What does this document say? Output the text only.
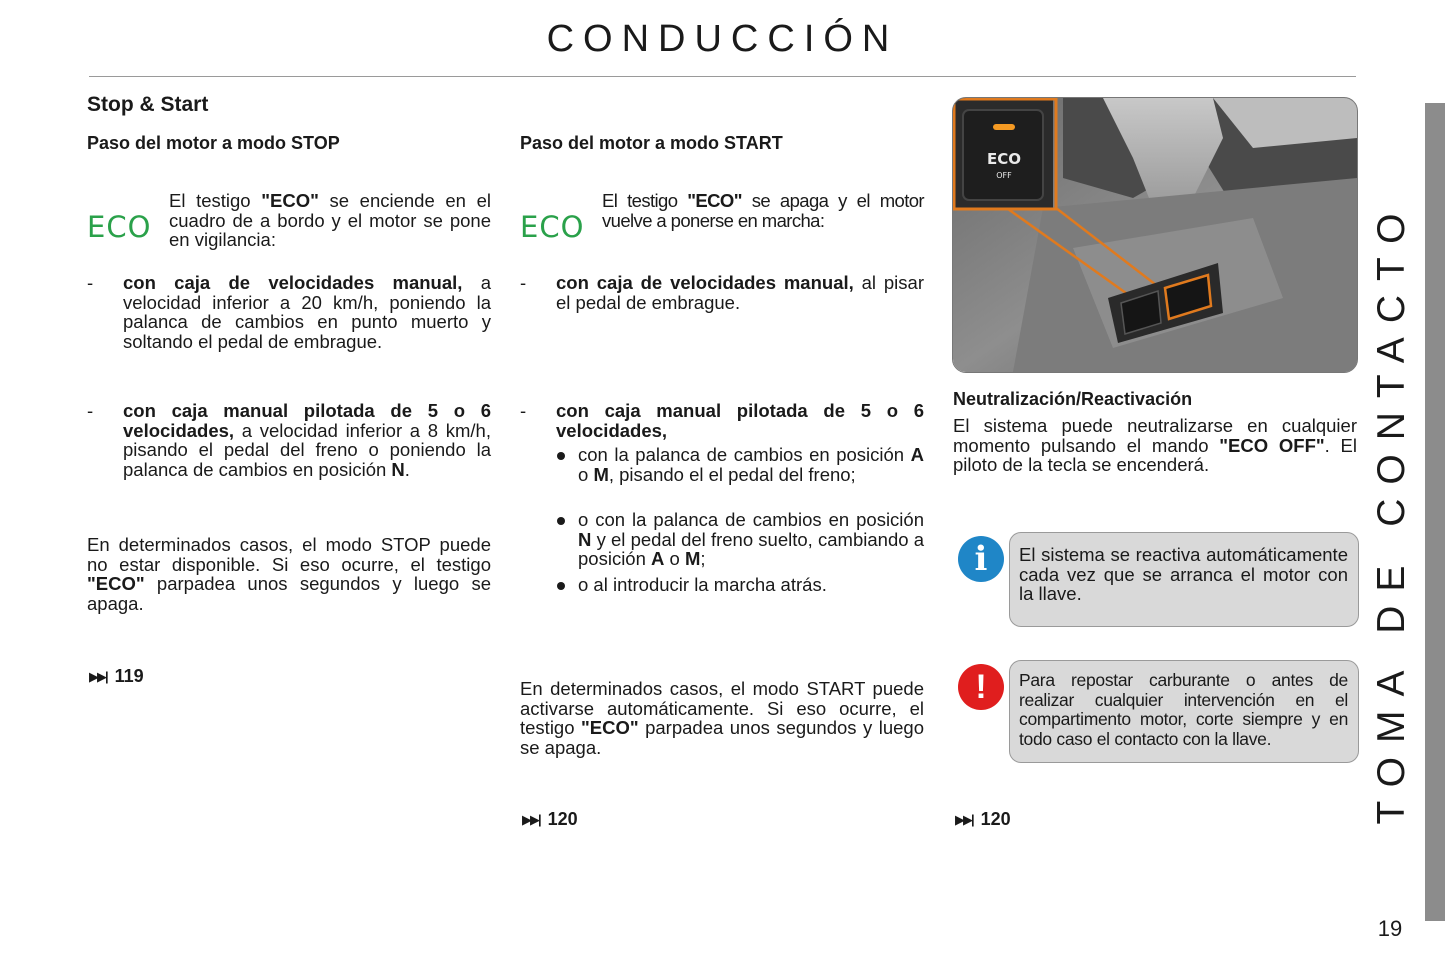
CONDUCCIÓN
TOMA DE CONTACTO
19
Stop & Start
Paso del motor a modo STOP
ECO

El testigo "ECO" se enciende en el cuadro de a bordo y el motor se pone en vigilancia:

- con caja de velocidades manual, a velocidad inferior a 20 km/h, poniendo la palanca de cambios en punto muerto y soltando el pedal de embrague.

- con caja manual pilotada de 5 o 6 velocidades, a velocidad inferior a 8 km/h, pisando el pedal del freno o poniendo la palanca de cambios en posición N.

En determinados casos, el modo STOP puede no estar disponible. Si eso ocurre, el testigo "ECO" parpadea unos segundos y luego se apaga.

▶▶| 119
Paso del motor a modo START
ECO

El testigo "ECO" se apaga y el motor vuelve a ponerse en marcha:

- con caja de velocidades manual, al pisar el pedal de embrague.

- con caja manual pilotada de 5 o 6 velocidades,

con la palanca de cambios en posición A o M, pisando el el pedal del freno;

o con la palanca de cambios en posición N y el pedal del freno suelto, cambiando a posición A o M;

o al introducir la marcha atrás.

En determinados casos, el modo START puede activarse automáticamente. Si eso ocurre, el testigo "ECO" parpadea unos segundos y luego se apaga.

▶▶| 120
ECO
OFF
Neutralización/Reactivación

El sistema puede neutralizarse en cualquier momento pulsando el mando "ECO OFF". El piloto de la tecla se encenderá.

El sistema se reactiva automáticamente cada vez que se arranca el motor con la llave.

i

Para repostar carburante o antes de realizar cualquier intervención en el compartimento motor, corte siempre y en todo caso el contacto con la llave.

!
▶▶| 120
